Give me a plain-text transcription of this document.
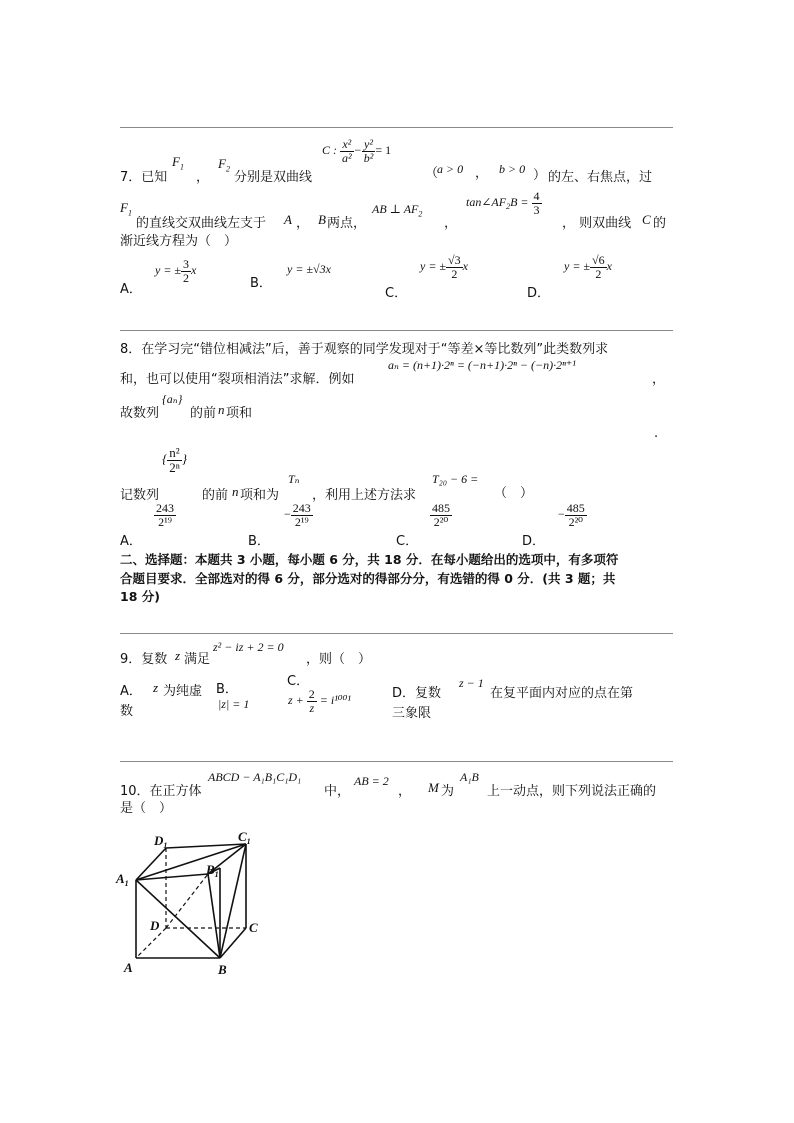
7．已知
$F_1$
，
$F_2$
分别是双曲线
C : $\frac{\text{x²}}{\text{a²}} - \frac{\text{y²}}{\text{b²}} = 1$
（
a > 0 ， b > 0 ） 的左、右焦点，过
$F_1$
的直线交双曲线左支于 A ， B 两点，
AB ⊥ $AF_2$
，
$\tan\angle AF_2B = \frac{4}{3}$
， 则双曲线 C 的
渐近线方程为（　）
A．
y = ± $\frac{3}{2}$ x
B．
y = ±√3x
C．
y = ± $\frac{√3}{2}$ x
D．
y = ± $\frac{√6}{2}$ x
8．在学习完“错位相减法”后，善于观察的同学发现对于“等差×等比数列”此类数列求
和，也可以使用“裂项相消法”求解．例如
aₙ = (n+1)·2ⁿ = (−n+1)·2ⁿ − (−n)·2ⁿ⁺¹
，
故数列
{aₙ}
的前 n 项和
.
记数列
{ $\frac{\text{n²}}{\text{2ⁿ}}$ }
的前 n 项和为
Tₙ
，利用上述方法求
T₂₀ − 6 =
（　）
A．
$\frac{243}{\text{2¹⁹}}$
B．
− $\frac{243}{\text{2¹⁹}}$
C．
$\frac{485}{\text{2²⁰}}$
D．
− $\frac{485}{\text{2²⁰}}$
二、选择题：本题共 3 小题，每小题 6 分，共 18 分．在每小题给出的选项中，有多项符
合题目要求．全部选对的得 6 分，部分选对的得部分分，有选错的得 0 分．(共 3 题；共
18 分)
9．复数 z 满足
z² − iz + 2 = 0
，则（　）
A． z 为纯虚
数
B．
|z| = 1
C．
$z + \frac{2}{z} = i^{1001}$	D．复数
z − 1
在复平面内对应的点在第
三象限
10．在正方体
ABCD − A₁B₁C₁D₁
中，
AB = 2
， M 为
A₁B
上一动点，则下列说法正确的
是（　）
$D_1$
$C_1$
$A_1$
$B_1$
D	C
A	B
